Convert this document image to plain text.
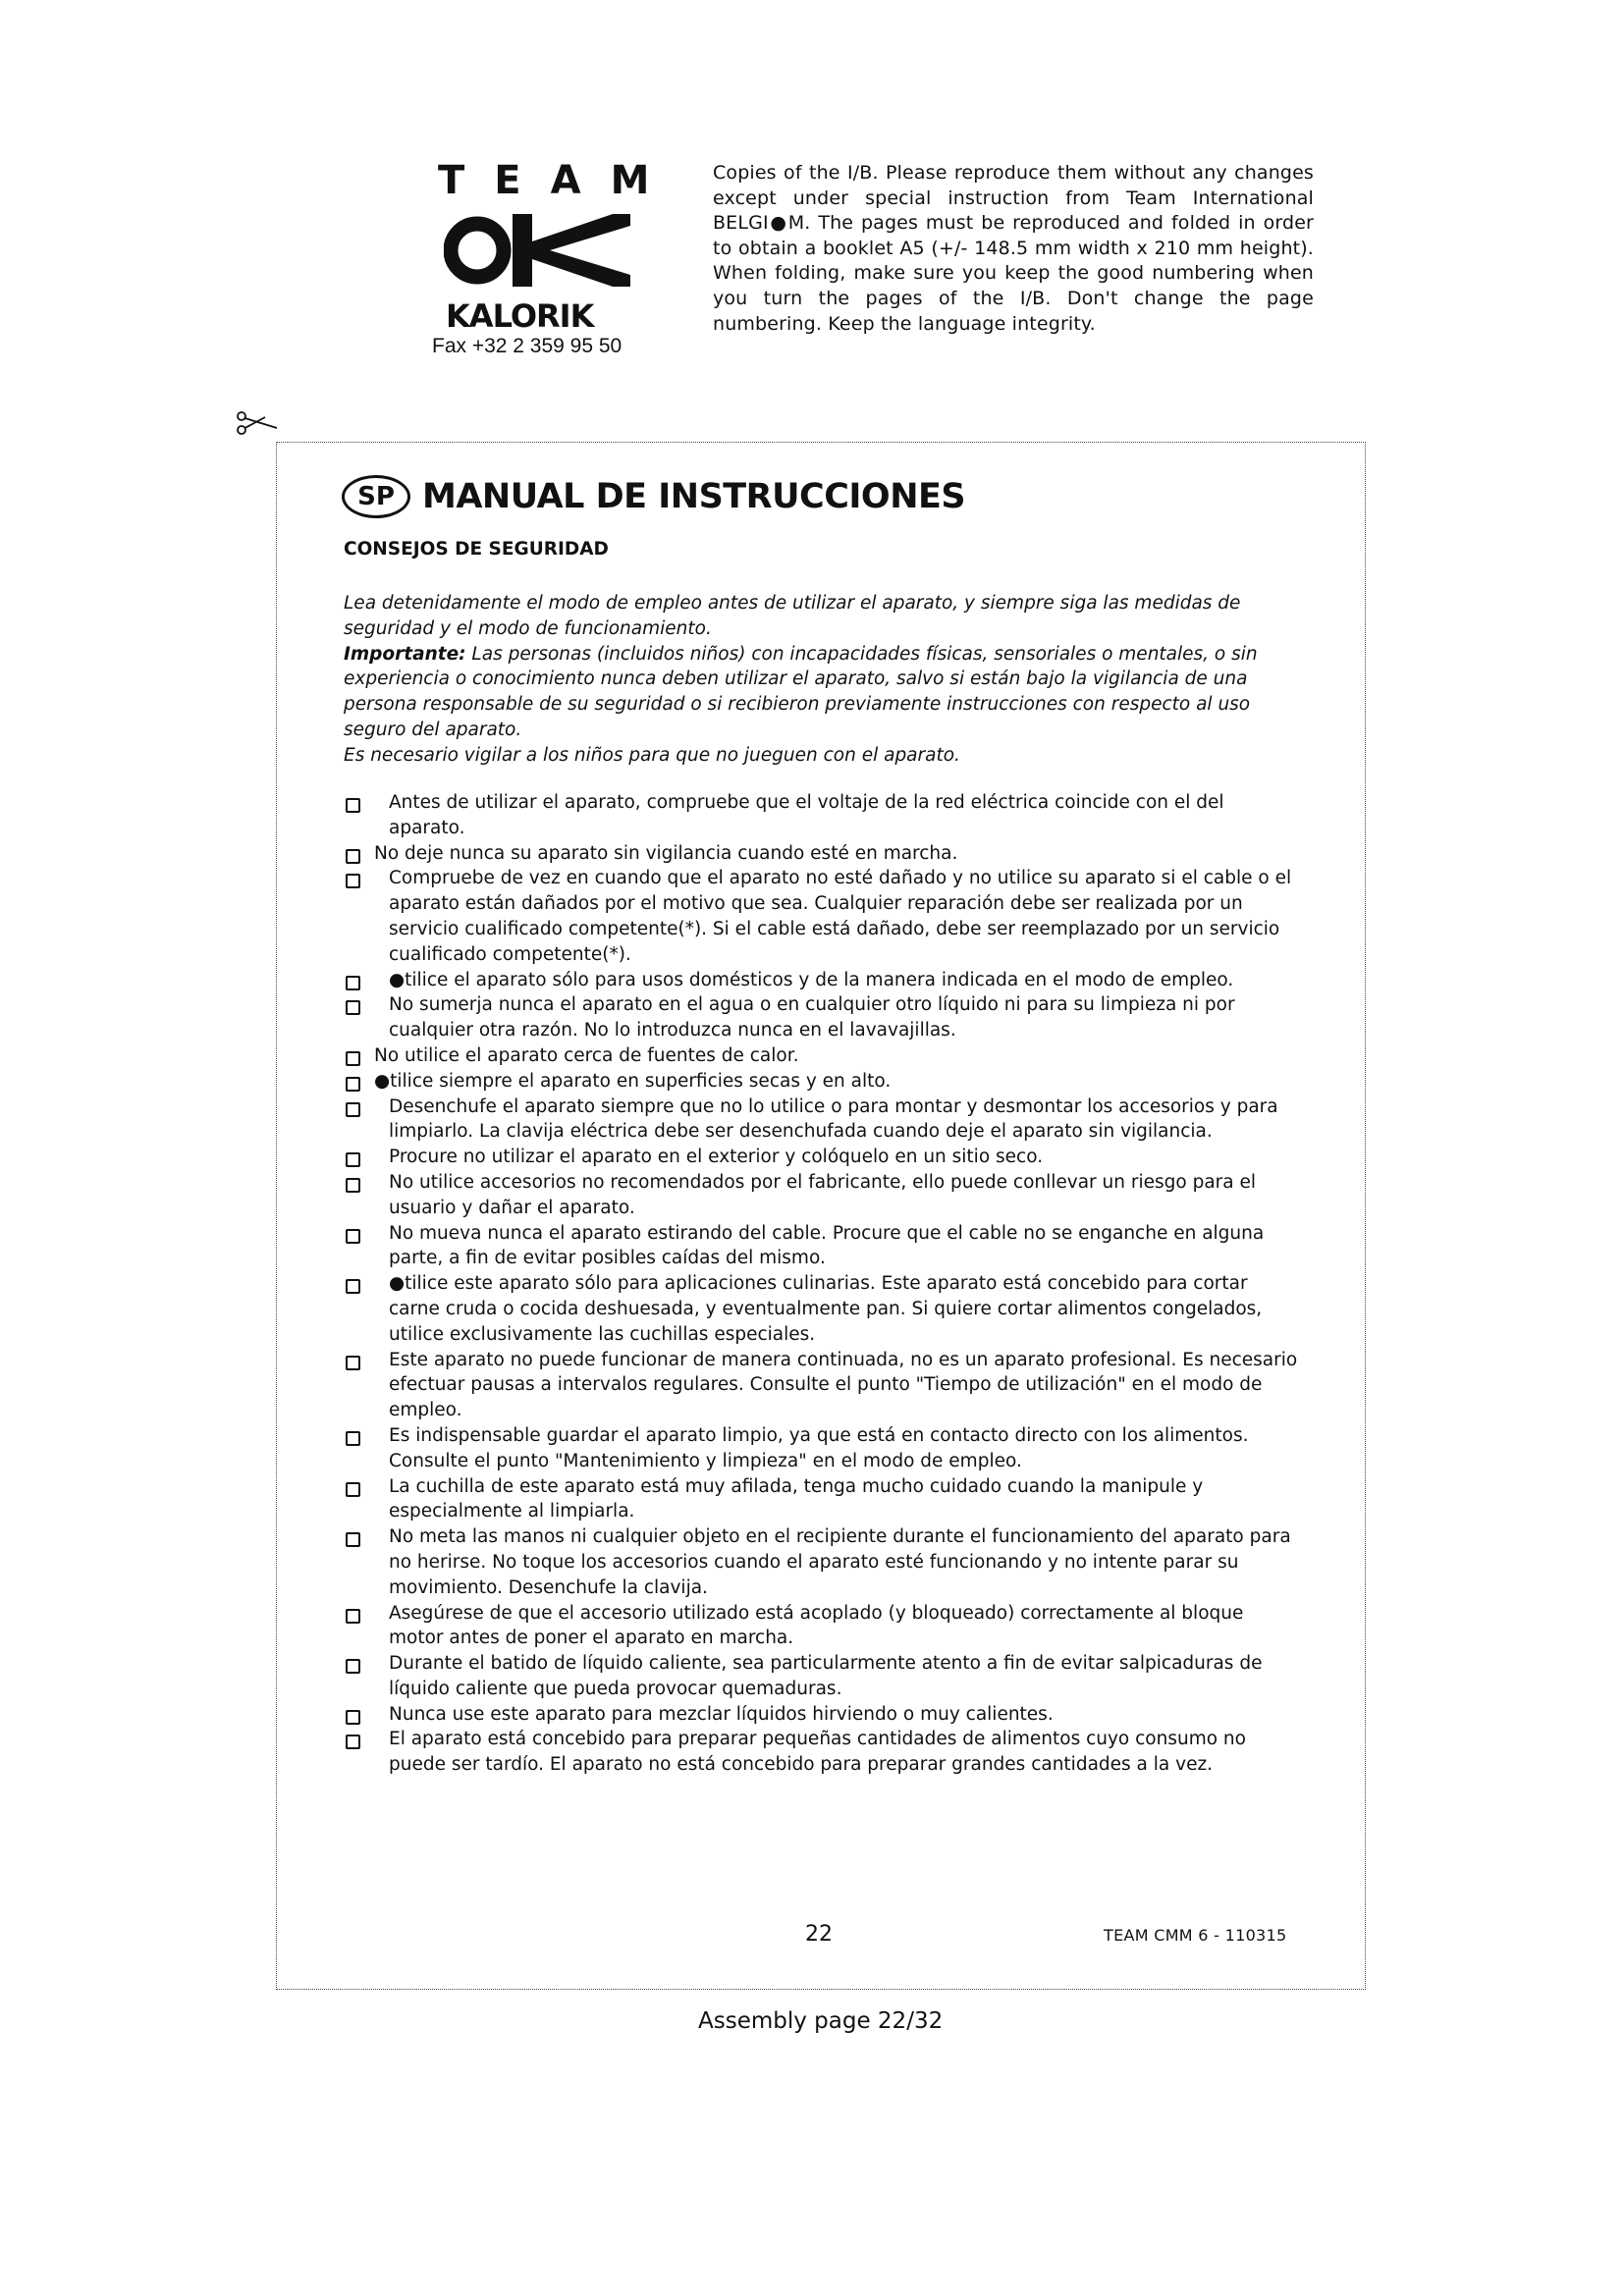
TEAM
KALORIK
Fax +32 2 359 95 50
Copies of the I/B. Please reproduce them without any changes except under special instruction from Team International BELGI●M. The pages must be reproduced and folded in order to obtain a booklet A5 (+/- 148.5 mm width x 210 mm height). When folding, make sure you keep the good numbering when you turn the pages of the I/B. Don't change the page numbering. Keep the language integrity.
SP MANUAL DE INSTRUCCIONES
CONSEJOS DE SEGURIDAD

Lea detenidamente el modo de empleo antes de utilizar el aparato, y siempre siga las medidas de seguridad y el modo de funcionamiento.

Importante: Las personas (incluidos niños) con incapacidades físicas, sensoriales o mentales, o sin experiencia o conocimiento nunca deben utilizar el aparato, salvo si están bajo la vigilancia de una persona responsable de su seguridad o si recibieron previamente instrucciones con respecto al uso seguro del aparato.

Es necesario vigilar a los niños para que no jueguen con el aparato.

Antes de utilizar el aparato, compruebe que el voltaje de la red eléctrica coincide con el del aparato.
No deje nunca su aparato sin vigilancia cuando esté en marcha.
Compruebe de vez en cuando que el aparato no esté dañado y no utilice su aparato si el cable o el aparato están dañados por el motivo que sea. Cualquier reparación debe ser realizada por un servicio cualificado competente(*). Si el cable está dañado, debe ser reemplazado por un servicio cualificado competente(*).
●tilice el aparato sólo para usos domésticos y de la manera indicada en el modo de empleo.
No sumerja nunca el aparato en el agua o en cualquier otro líquido ni para su limpieza ni por cualquier otra razón. No lo introduzca nunca en el lavavajillas.
No utilice el aparato cerca de fuentes de calor.
●tilice siempre el aparato en superficies secas y en alto.
Desenchufe el aparato siempre que no lo utilice o para montar y desmontar los accesorios y para limpiarlo. La clavija eléctrica debe ser desenchufada cuando deje el aparato sin vigilancia.
Procure no utilizar el aparato en el exterior y colóquelo en un sitio seco.
No utilice accesorios no recomendados por el fabricante, ello puede conllevar un riesgo para el usuario y dañar el aparato.
No mueva nunca el aparato estirando del cable. Procure que el cable no se enganche en alguna parte, a fin de evitar posibles caídas del mismo.
●tilice este aparato sólo para aplicaciones culinarias. Este aparato está concebido para cortar carne cruda o cocida deshuesada, y eventualmente pan. Si quiere cortar alimentos congelados, utilice exclusivamente las cuchillas especiales.
Este aparato no puede funcionar de manera continuada, no es un aparato profesional. Es necesario efectuar pausas a intervalos regulares. Consulte el punto "Tiempo de utilización" en el modo de empleo.
Es indispensable guardar el aparato limpio, ya que está en contacto directo con los alimentos. Consulte el punto "Mantenimiento y limpieza" en el modo de empleo.
La cuchilla de este aparato está muy afilada, tenga mucho cuidado cuando la manipule y especialmente al limpiarla.
No meta las manos ni cualquier objeto en el recipiente durante el funcionamiento del aparato para no herirse. No toque los accesorios cuando el aparato esté funcionando y no intente parar su movimiento. Desenchufe la clavija.
Asegúrese de que el accesorio utilizado está acoplado (y bloqueado) correctamente al bloque motor antes de poner el aparato en marcha.
Durante el batido de líquido caliente, sea particularmente atento a fin de evitar salpicaduras de líquido caliente que pueda provocar quemaduras.
Nunca use este aparato para mezclar líquidos hirviendo o muy calientes.
El aparato está concebido para preparar pequeñas cantidades de alimentos cuyo consumo no puede ser tardío. El aparato no está concebido para preparar grandes cantidades a la vez.
22	TEAM CMM 6 - 110315
Assembly page 22/32
